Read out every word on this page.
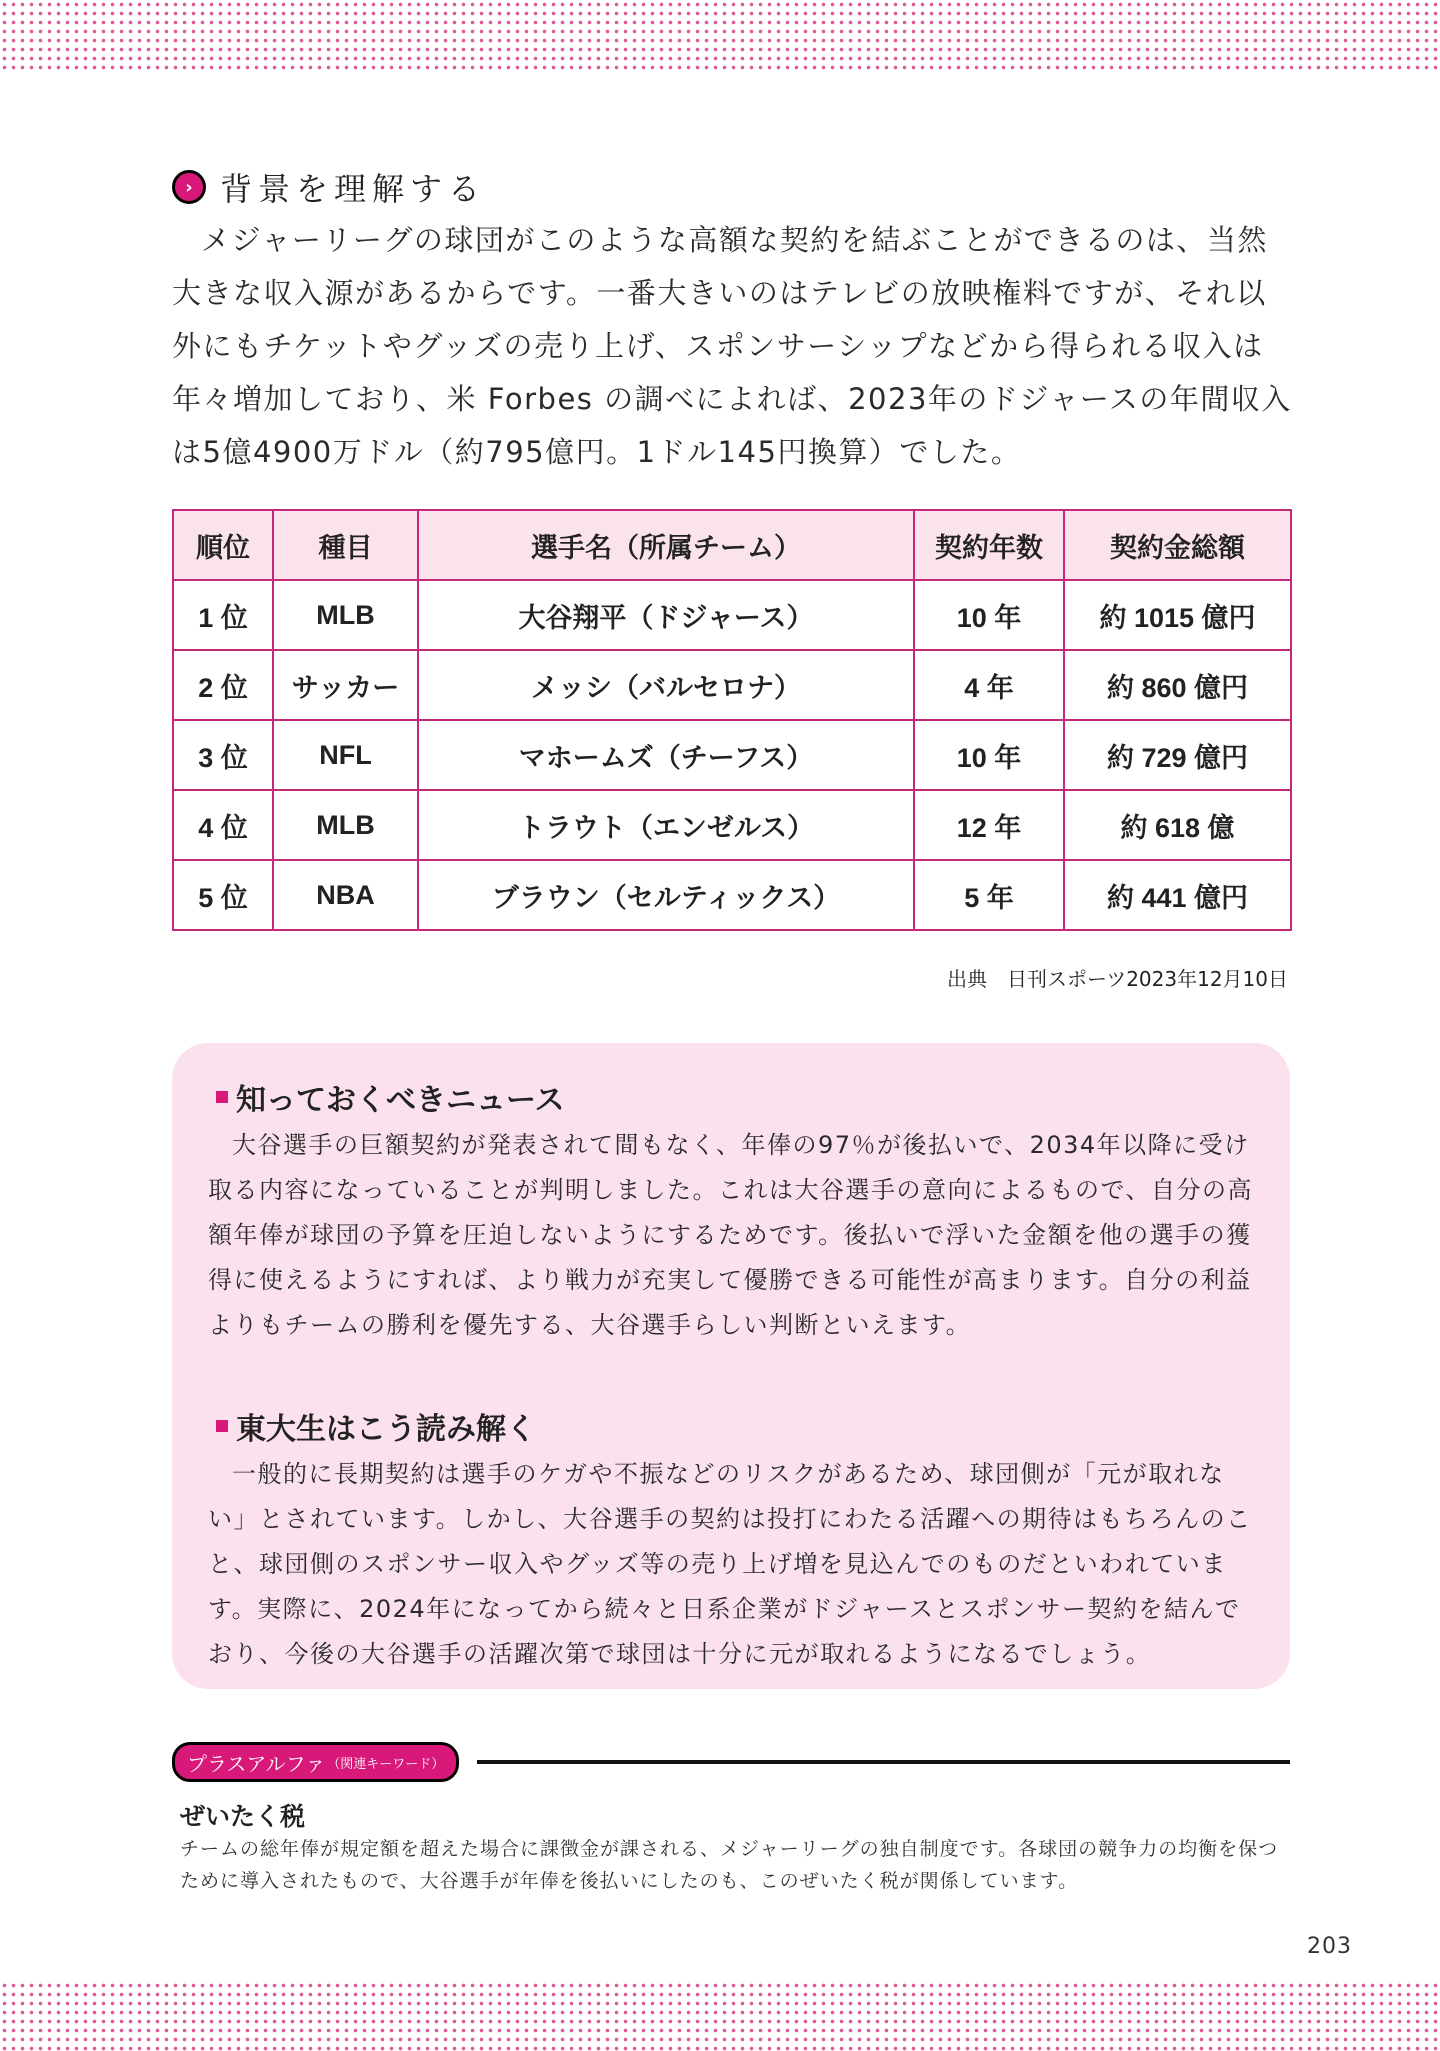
› 背景を理解する

メジャーリーグの球団がこのような高額な契約を結ぶことができるのは、当然大きな収入源があるからです。一番大きいのはテレビの放映権料ですが、それ以外にもチケットやグッズの売り上げ、スポンサーシップなどから得られる収入は年々増加しており、米 Forbes の調べによれば、2023年のドジャースの年間収入は5億4900万ドル（約795億円。1ドル145円換算）でした。

順位	種目	選手名（所属チーム）	契約年数	契約金総額
1 位	MLB	大谷翔平（ドジャース）	10 年	約 1015 億円
2 位	サッカー	メッシ（バルセロナ）	4 年	約 860 億円
3 位	NFL	マホームズ（チーフス）	10 年	約 729 億円
4 位	MLB	トラウト（エンゼルス）	12 年	約 618 億
5 位	NBA	ブラウン（セルティックス）	5 年	約 441 億円
出典　日刊スポーツ2023年12月10日
知っておくべきニュース

大谷選手の巨額契約が発表されて間もなく、年俸の97％が後払いで、2034年以降に受け取る内容になっていることが判明しました。これは大谷選手の意向によるもので、自分の高額年俸が球団の予算を圧迫しないようにするためです。後払いで浮いた金額を他の選手の獲得に使えるようにすれば、より戦力が充実して優勝できる可能性が高まります。自分の利益よりもチームの勝利を優先する、大谷選手らしい判断といえます。

東大生はこう読み解く

一般的に長期契約は選手のケガや不振などのリスクがあるため、球団側が「元が取れない」とされています。しかし、大谷選手の契約は投打にわたる活躍への期待はもちろんのこと、球団側のスポンサー収入やグッズ等の売り上げ増を見込んでのものだといわれています。実際に、2024年になってから続々と日系企業がドジャースとスポンサー契約を結んでおり、今後の大谷選手の活躍次第で球団は十分に元が取れるようになるでしょう。

プラスアルファ （関連キーワード）
ぜいたく税

チームの総年俸が規定額を超えた場合に課徴金が課される、メジャーリーグの独自制度です。各球団の競争力の均衡を保つために導入されたもので、大谷選手が年俸を後払いにしたのも、このぜいたく税が関係しています。

203
